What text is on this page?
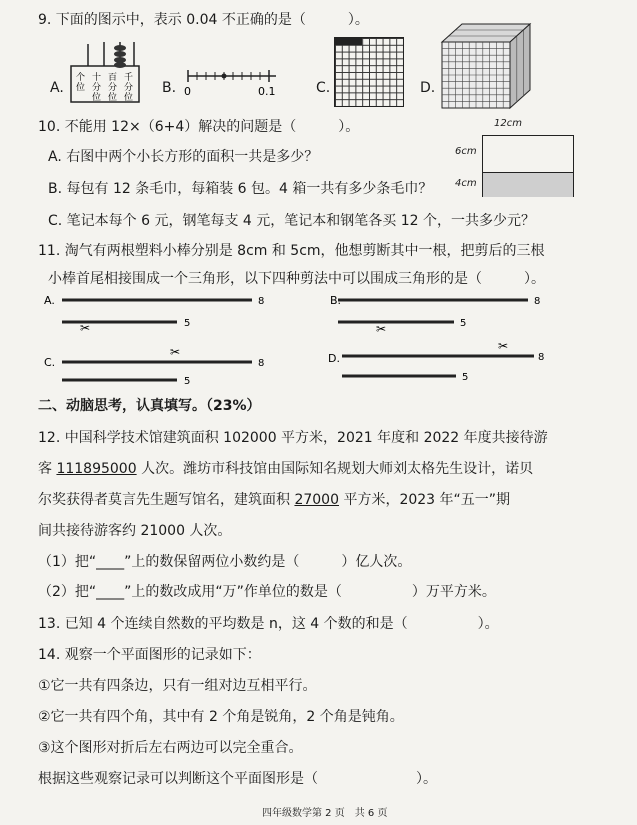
9. 下面的图示中，表示 0.04 不正确的是（　　　）。
A.
个 十 百 千
位 分 分 分
位 位 位
B. 0	0.1	C.	D.
10. 不能用 12×（6+4）解决的问题是（　　　）。
A. 右图中两个小长方形的面积一共是多少？
B. 每包有 12 条毛巾，每箱装 6 包。4 箱一共有多少条毛巾？
C. 笔记本每个 6 元，钢笔每支 4 元，笔记本和钢笔各买 12 个，一共多少元？
12cm
6cm
4cm
11. 淘气有两根塑料小棒分别是 8cm 和 5cm，他想剪断其中一根，把剪后的三根
小棒首尾相接围成一个三角形，以下四种剪法中可以围成三角形的是（　　　）。
A.	8
5
✂
B.	8
5
✂
C.	8
5
✂	D.	8
5
✂
二、动脑思考，认真填写。（23%）
12. 中国科学技术馆建筑面积 102000 平方米，2021 年度和 2022 年度共接待游
客 111895000 人次。潍坊市科技馆由国际知名规划大师刘太格先生设计，诺贝
尔奖获得者莫言先生题写馆名，建筑面积 27000 平方米，2023 年“五一”期
间共接待游客约 21000 人次。
（1）把“____”上的数保留两位小数约是（　　　）亿人次。
（2）把“____”上的数改成用“万”作单位的数是（　　　　　）万平方米。
13. 已知 4 个连续自然数的平均数是 n，这 4 个数的和是（　　　　　）。
14. 观察一个平面图形的记录如下：
①它一共有四条边，只有一组对边互相平行。
②它一共有四个角，其中有 2 个角是锐角，2 个角是钝角。
③这个图形对折后左右两边可以完全重合。
根据这些观察记录可以判断这个平面图形是（　　　　　　　）。
四年级数学第 2 页　共 6 页
